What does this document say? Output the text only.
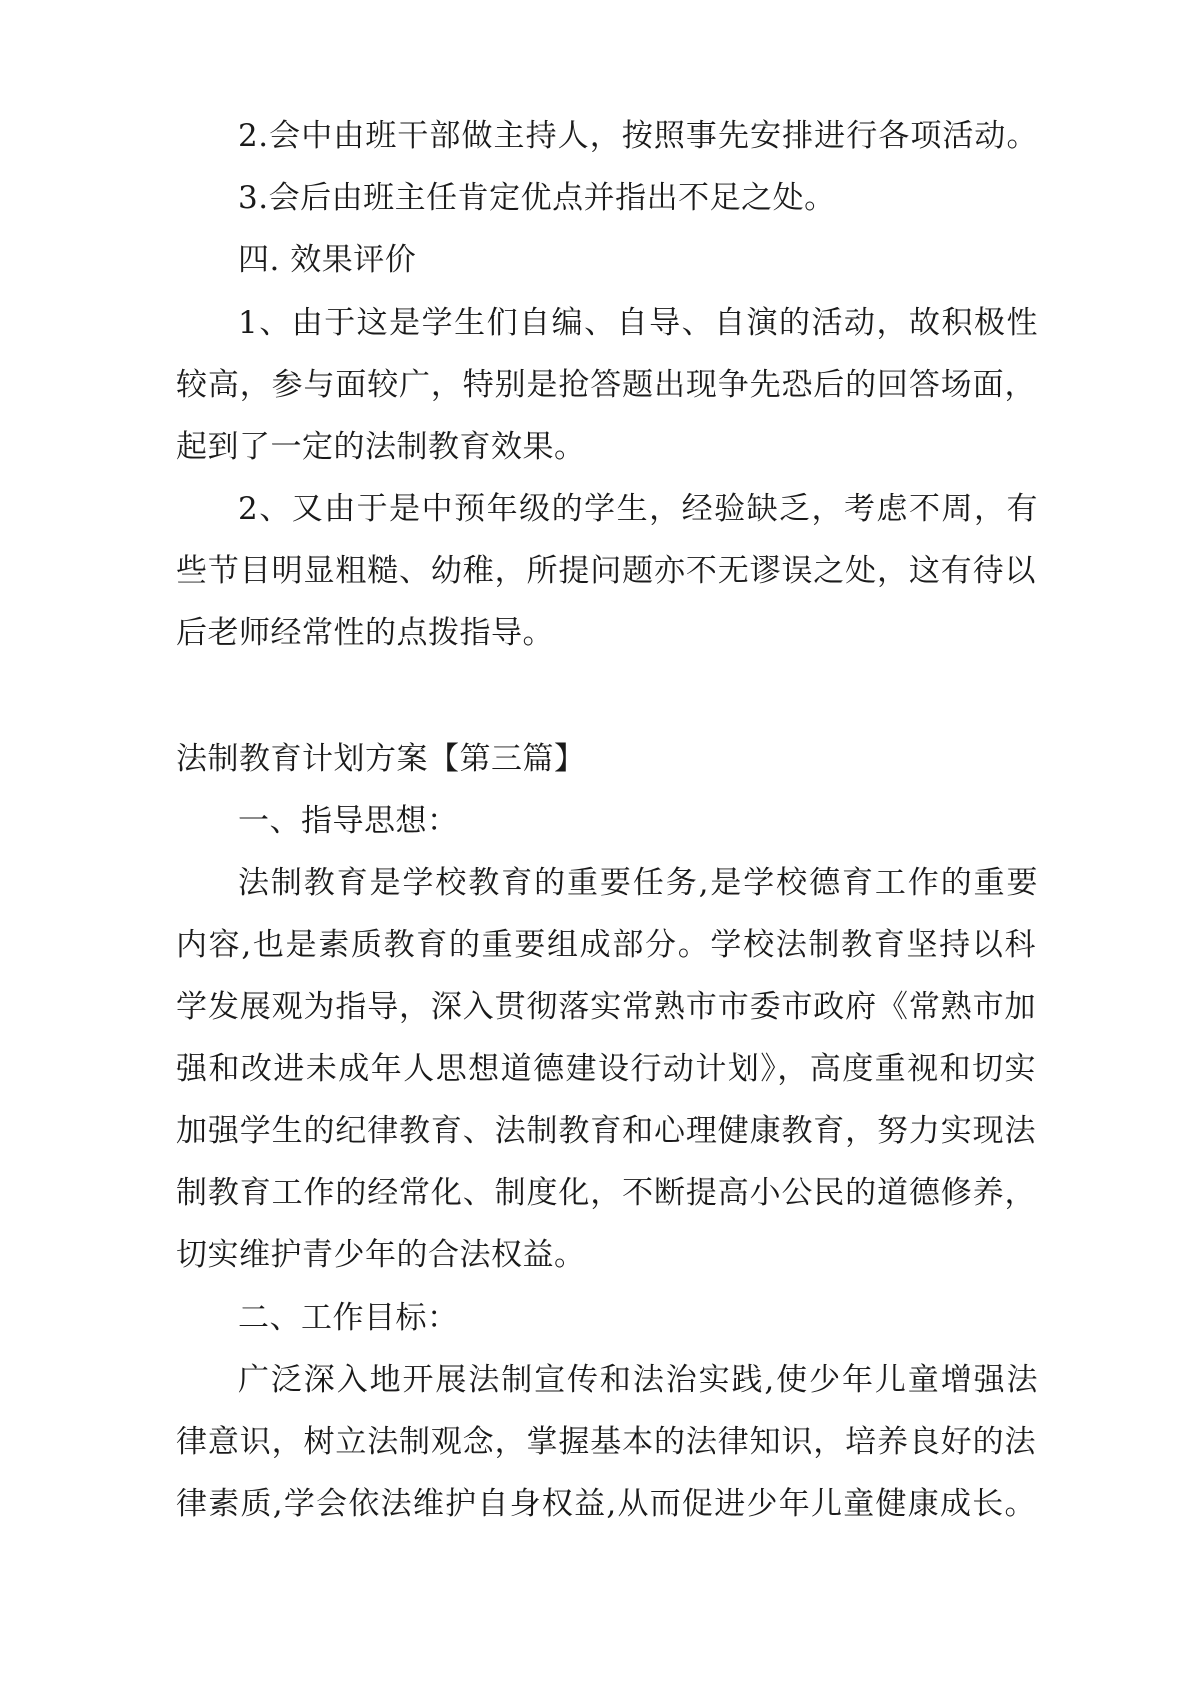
2.会中由班干部做主持人，按照事先安排进行各项活动。
3.会后由班主任肯定优点并指出不足之处。
四. 效果评价
1、由于这是学生们自编、自导、自演的活动，故积极性
较高，参与面较广，特别是抢答题出现争先恐后的回答场面，
起到了一定的法制教育效果。
2、又由于是中预年级的学生，经验缺乏，考虑不周，有
些节目明显粗糙、幼稚，所提问题亦不无谬误之处，这有待以
后老师经常性的点拨指导。
法制教育计划方案【第三篇】
一、指导思想：
法制教育是学校教育的重要任务,是学校德育工作的重要
内容,也是素质教育的重要组成部分。学校法制教育坚持以科
学发展观为指导，深入贯彻落实常熟市市委市政府《常熟市加
强和改进未成年人思想道德建设行动计划》，高度重视和切实
加强学生的纪律教育、法制教育和心理健康教育，努力实现法
制教育工作的经常化、制度化，不断提高小公民的道德修养，
切实维护青少年的合法权益。
二、工作目标：
广泛深入地开展法制宣传和法治实践,使少年儿童增强法
律意识，树立法制观念，掌握基本的法律知识，培养良好的法
律素质,学会依法维护自身权益,从而促进少年儿童健康成长。
